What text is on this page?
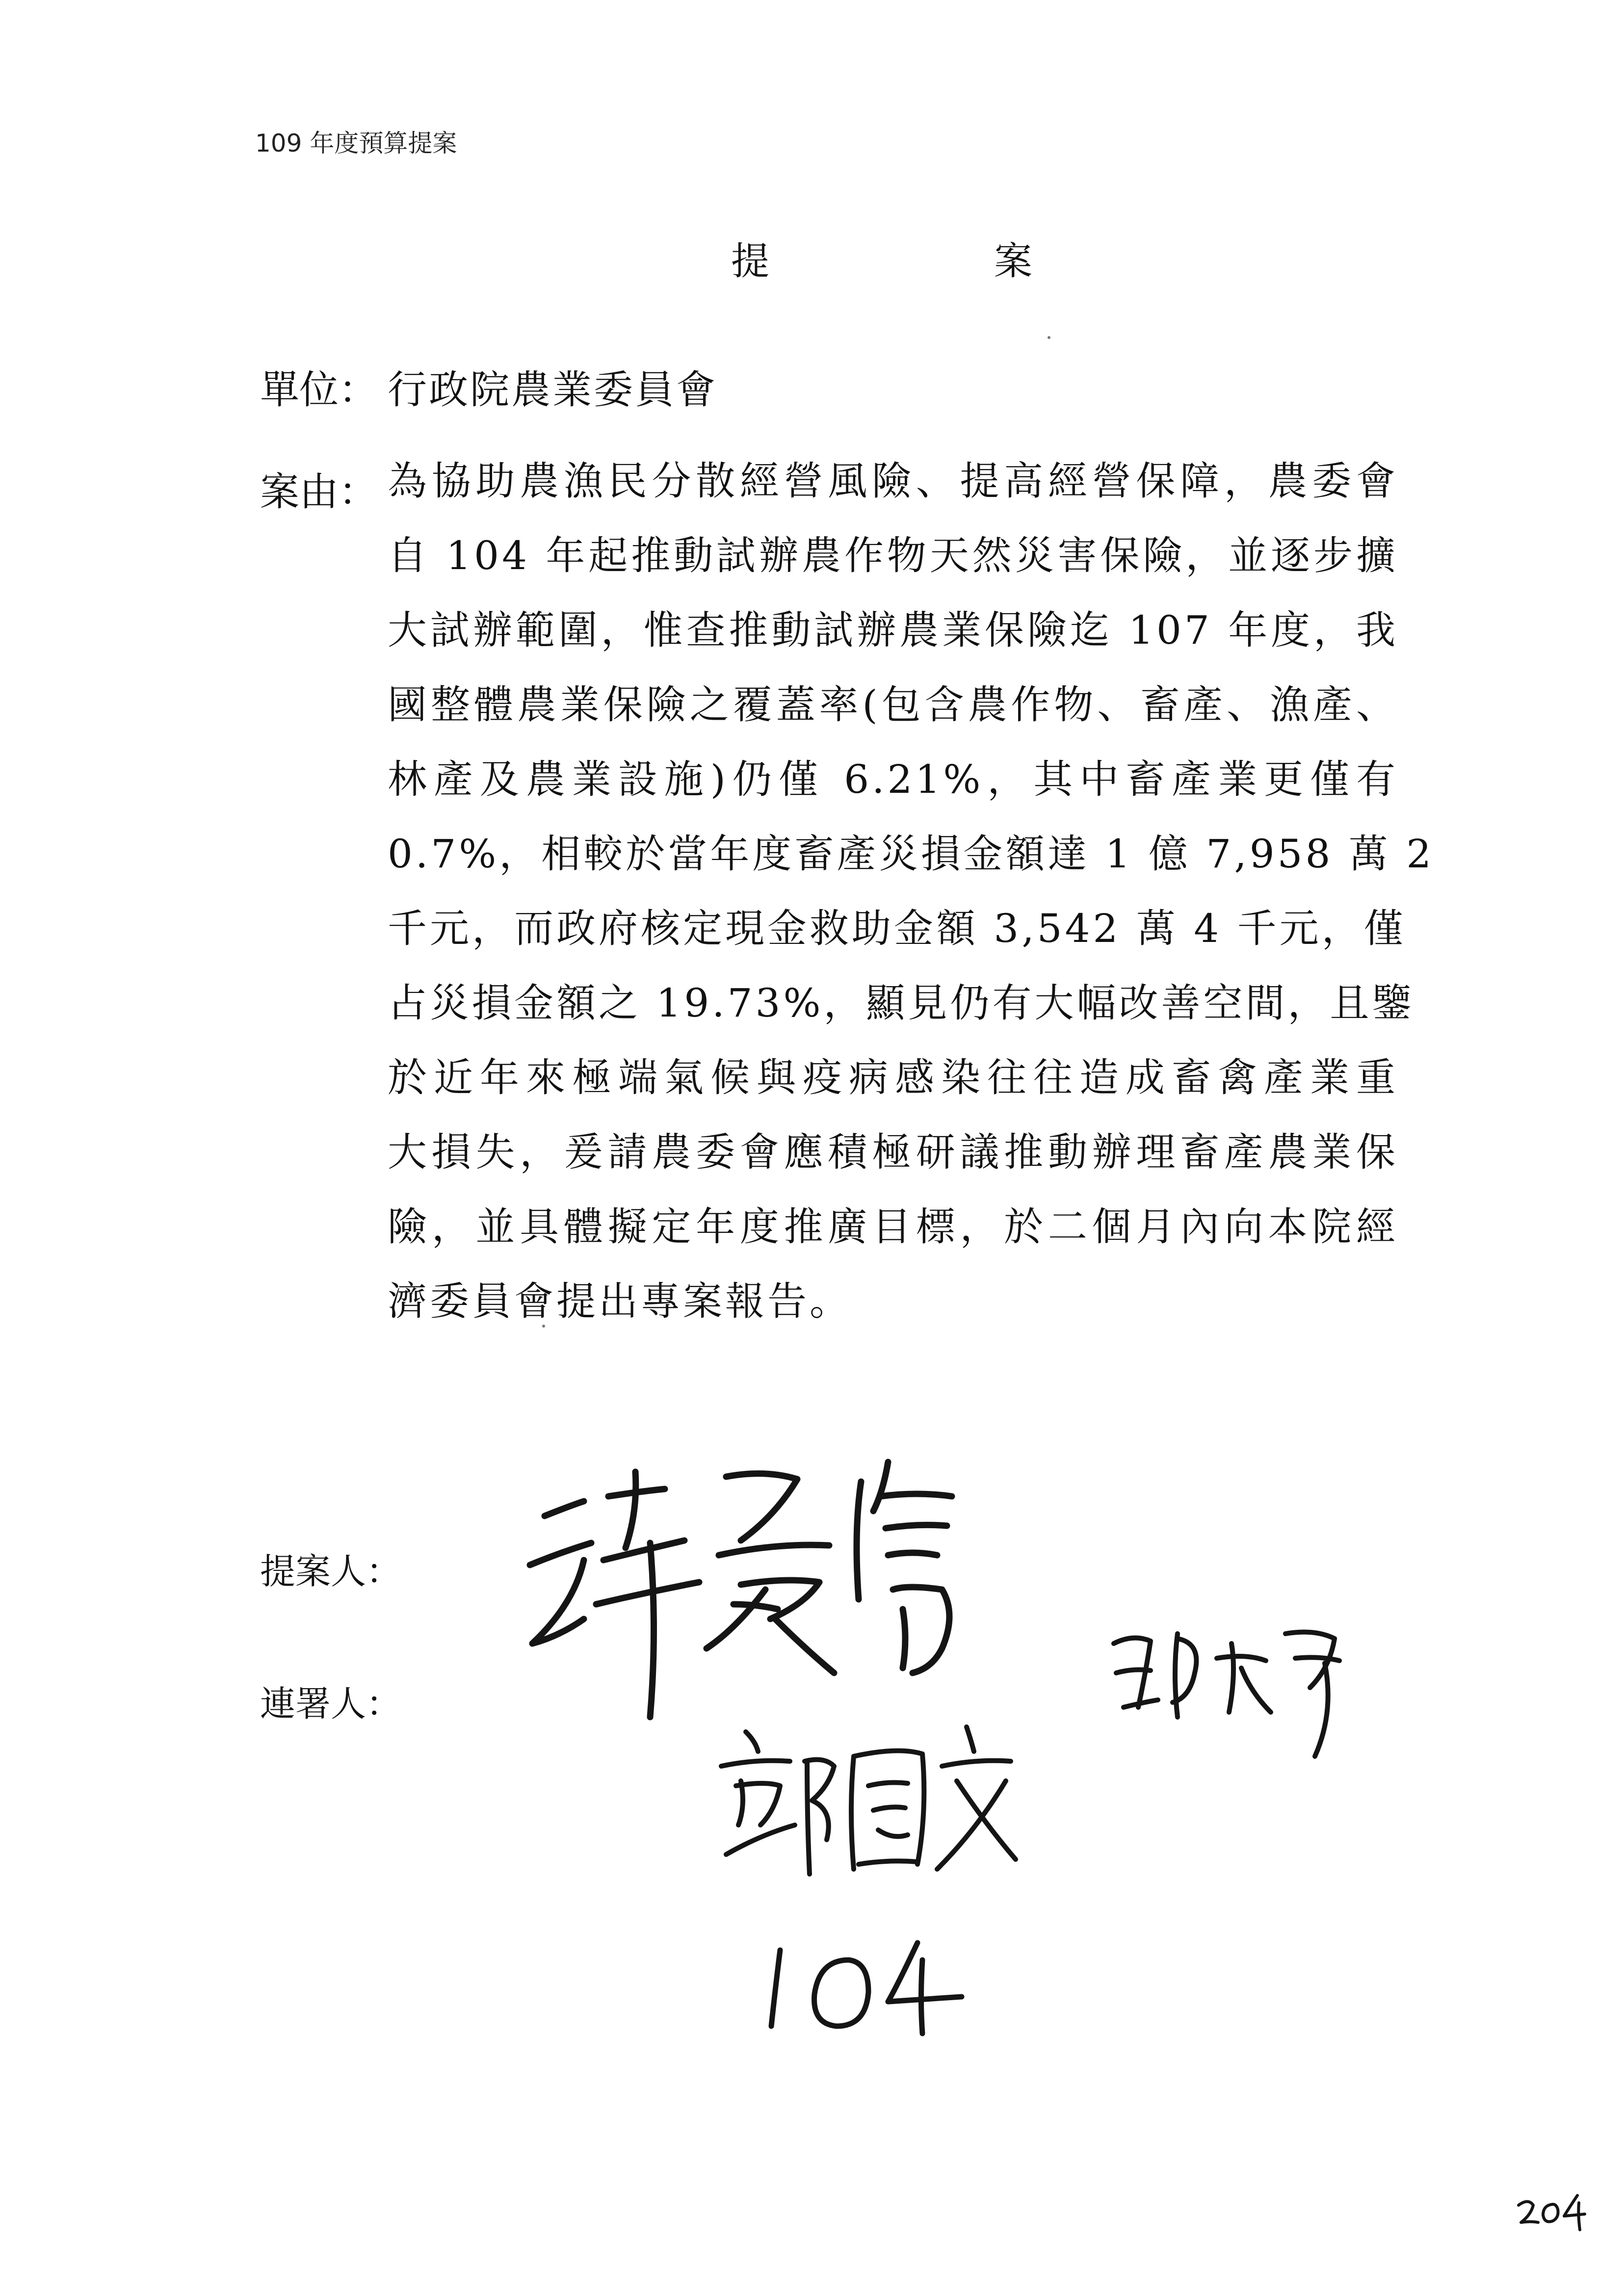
109 年度預算提案
提　案
單位： 行政院農業委員會
案由： 為協助農漁民分散經營風險、提高經營保障，農委會
自 104 年起推動試辦農作物天然災害保險，並逐步擴
大試辦範圍，惟查推動試辦農業保險迄 107 年度，我
國整體農業保險之覆蓋率(包含農作物、畜產、漁產、
林產及農業設施)仍僅 6.21%，其中畜產業更僅有
0.7%，相較於當年度畜產災損金額達 1 億 7,958 萬 2
千元，而政府核定現金救助金額 3,542 萬 4 千元，僅
占災損金額之 19.73%，顯見仍有大幅改善空間，且鑒
於近年來極端氣候與疫病感染往往造成畜禽產業重
大損失，爰請農委會應積極研議推動辦理畜產農業保
險，並具體擬定年度推廣目標，於二個月內向本院經
濟委員會提出專案報告。
提案人：
連署人：
